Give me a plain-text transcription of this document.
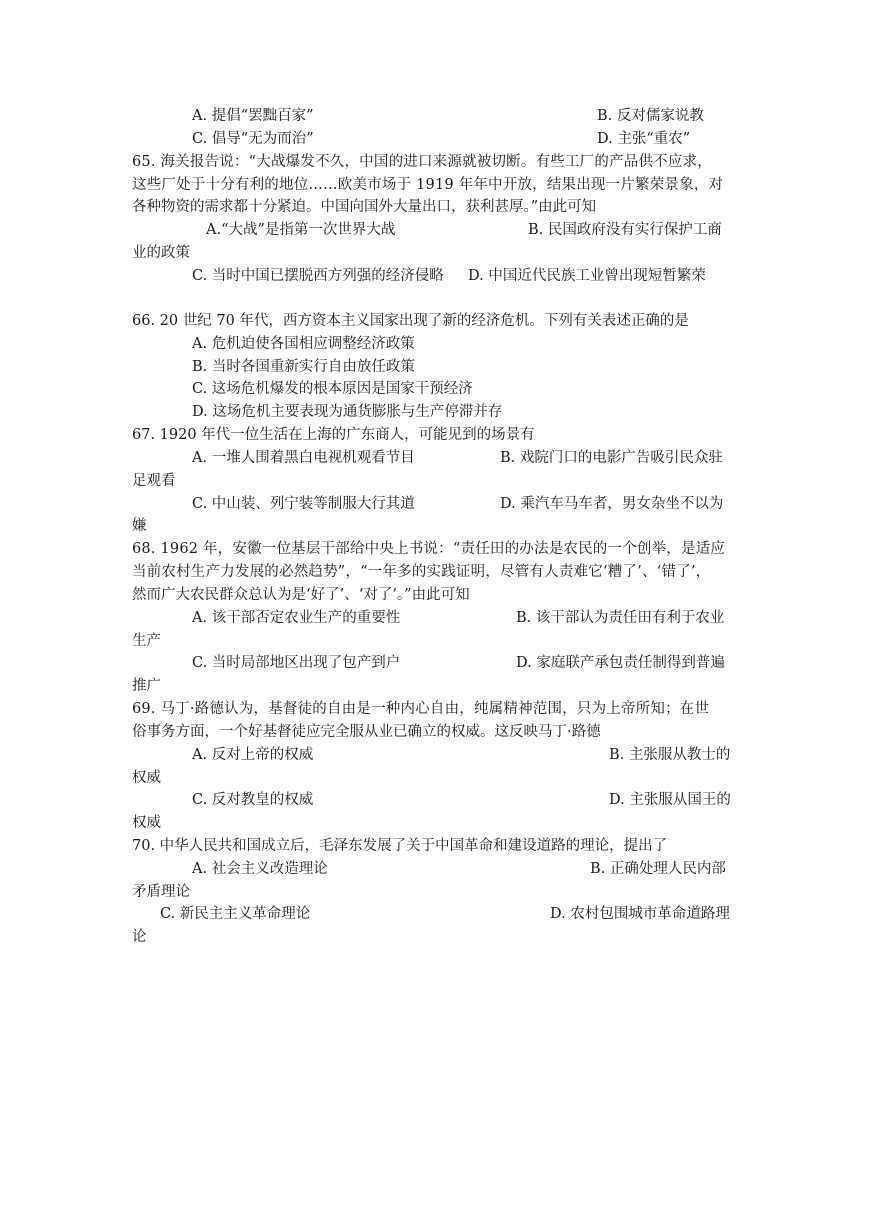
A. 提倡“罢黜百家”	B. 反对儒家说教
C. 倡导“无为而治”	D. 主张“重农”
65. 海关报告说：“大战爆发不久，中国的进口来源就被切断。有些工厂的产品供不应求，
这些厂处于十分有利的地位……欧美市场于 1919 年年中开放，结果出现一片繁荣景象，对
各种物资的需求都十分紧迫。中国向国外大量出口，获利甚厚。”由此可知
A.“大战”是指第一次世界大战	B. 民国政府没有实行保护工商
业的政策
C. 当时中国已摆脱西方列强的经济侵略 D. 中国近代民族工业曾出现短暂繁荣
66. 20 世纪 70 年代，西方资本主义国家出现了新的经济危机。下列有关表述正确的是
A. 危机迫使各国相应调整经济政策
B. 当时各国重新实行自由放任政策
C. 这场危机爆发的根本原因是国家干预经济
D. 这场危机主要表现为通货膨胀与生产停滞并存
67. 1920 年代一位生活在上海的广东商人，可能见到的场景有
A. 一堆人围着黑白电视机观看节目	B. 戏院门口的电影广告吸引民众驻
足观看
C. 中山装、列宁装等制服大行其道	D. 乘汽车马车者，男女杂坐不以为
嫌
68. 1962 年，安徽一位基层干部给中央上书说：“责任田的办法是农民的一个创举，是适应
当前农村生产力发展的必然趋势”，“一年多的实践证明，尽管有人责难它‘糟了’、‘错了’，
然而广大农民群众总认为是‘好了’、‘对了’。”由此可知
A. 该干部否定农业生产的重要性	B. 该干部认为责任田有利于农业
生产
C. 当时局部地区出现了包产到户	D. 家庭联产承包责任制得到普遍
推广
69. 马丁·路德认为，基督徒的自由是一种内心自由，纯属精神范围，只为上帝所知；在世
俗事务方面，一个好基督徒应完全服从业已确立的权威。这反映马丁·路德
A. 反对上帝的权威	B. 主张服从教士的
权威
C. 反对教皇的权威	D. 主张服从国王的
权威
70. 中华人民共和国成立后，毛泽东发展了关于中国革命和建设道路的理论，提出了
A. 社会主义改造理论	B. 正确处理人民内部
矛盾理论
C. 新民主主义革命理论	D. 农村包围城市革命道路理
论
